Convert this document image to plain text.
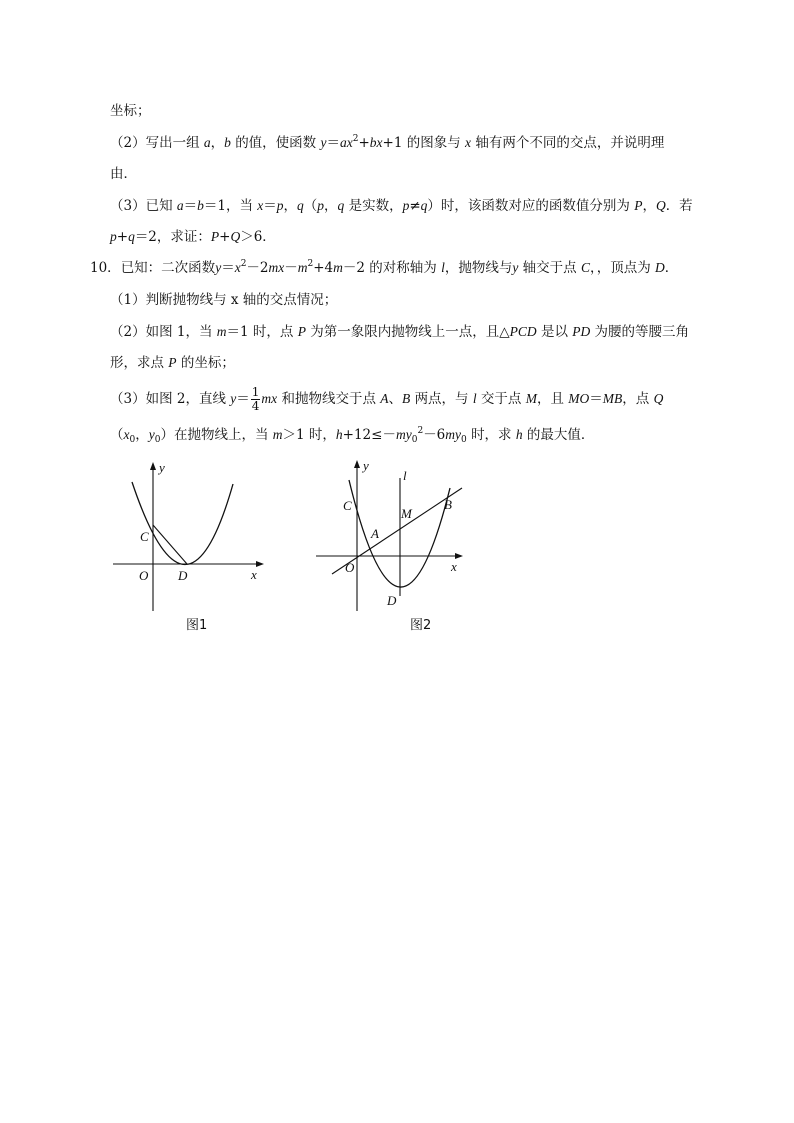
坐标；
（2）写出一组 a，b 的值，使函数 $y=ax^2+bx+1$ 的图象与 x 轴有两个不同的交点，并说明理
由．
（3）已知 a＝b＝1，当 x＝p，q（p，q 是实数，p≠q）时，该函数对应的函数值分别为 P，Q．若
p+q＝2，求证：P+Q＞6．
10．已知：二次函数$y=x^2-2mx-m^2+4m-2$ 的对称轴为 l，抛物线与y 轴交于点 C，，顶点为 D．
（1）判断抛物线与 x 轴的交点情况；
（2）如图 1，当 m＝1 时，点 P 为第一象限内抛物线上一点，且△PCD 是以 PD 为腰的等腰三角
形，求点 P 的坐标；
（3）如图 2，直线 $y= \frac{1}{4}$ mx 和抛物线交于点 A、B 两点，与 l 交于点 M，且 MO＝MB，点 Q
（$x_0$，$y_0$）在抛物线上，当 m＞1 时，$h+12\le-my_0^2-6my_0$ 时，求 h 的最大值．
y
x
C
O D
图1
y
l
C	B
M
A
x
O
D
图2
